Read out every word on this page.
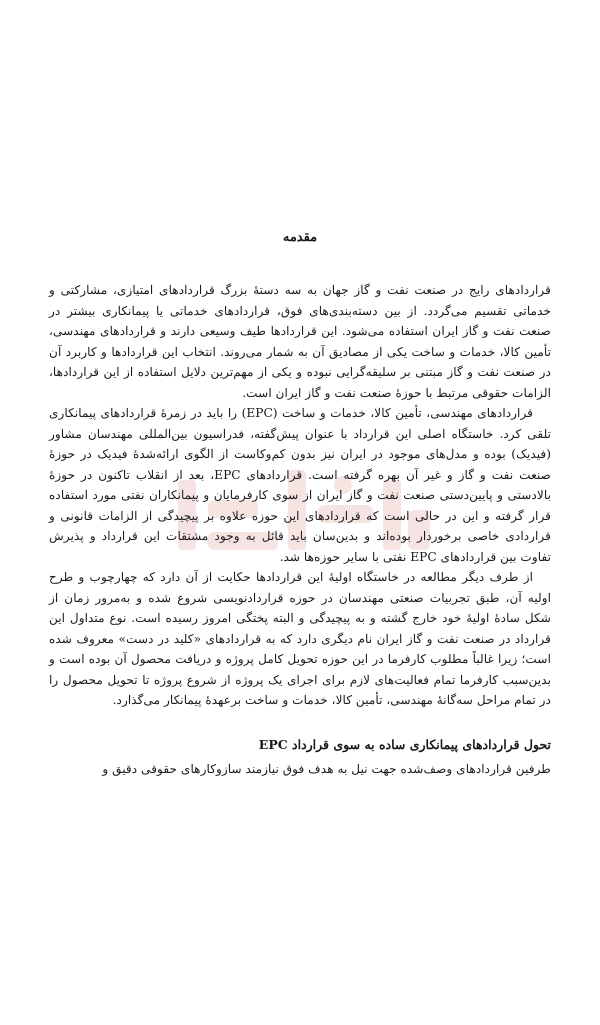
مقدمه

قراردادهای رایج در صنعت نفت و گاز جهان به سه دستهٔ بزرگ قراردادهای امتیازی، مشارکتی و خدماتی تقسیم می‌گردد. از بین دسته‌بندی‌های فوق، قراردادهای خدماتی یا پیمانکاری بیشتر در صنعت نفت و گاز ایران استفاده می‌شود. این قراردادها طیف وسیعی دارند و قراردادهای مهندسی، تأمین کالا، خدمات و ساخت یکی از مصادیق آن به شمار می‌روند. انتخاب این قراردادها و کاربرد آن در صنعت نفت و گاز مبتنی بر سلیقه‌گرایی نبوده و یکی از مهم‌ترین دلایل استفاده از این قراردادها، الزامات حقوقی مرتبط با حوزهٔ صنعت نفت و گاز ایران است.

قراردادهای مهندسی، تأمین کالا، خدمات و ساخت (EPC) را باید در زمرهٔ قراردادهای پیمانکاری تلقی کرد. خاستگاه اصلی این قرارداد با عنوان پیش‌گفته، فدراسیون بین‌المللی مهندسان مشاور (فیدیک) بوده و مدل‌های موجود در ایران نیز بدون کم‌وکاست از الگوی ارائه‌شدهٔ فیدیک در حوزهٔ صنعت نفت و گاز و غیر آن بهره گرفته است. قراردادهای EPC، بعد از انقلاب تاکنون در حوزهٔ بالادستی و پایین‌دستی صنعت نفت و گاز ایران از سوی کارفرمایان و پیمانکاران نفتی مورد استفاده قرار گرفته و این در حالی است که قراردادهای این حوزه علاوه بر پیچیدگی از الزامات قانونی و قراردادی خاصی برخوردار بوده‌اند و بدین‌سان باید قائل به وجود مشتقات این قرارداد و پذیرش تفاوت بین قراردادهای EPC نفتی با سایر حوزه‌ها شد.

از طرف دیگر مطالعه در خاستگاه اولیهٔ این قراردادها حکایت از آن دارد که چهارچوب و طرح اولیه آن، طبق تجربیات صنعتی مهندسان در حوزه قراردادنویسی شروع شده و به‌مرور زمان از شکل سادهٔ اولیهٔ خود خارج گشته و به پیچیدگی و البته پختگی امروز رسیده است. نوع متداول این قرارداد در صنعت نفت و گاز ایران نام دیگری دارد که به قراردادهای «کلید در دست» معروف شده است؛ زیرا غالباً مطلوب کارفرما در این حوزه تحویل کامل پروژه و دریافت محصول آن بوده است و بدین‌سبب کارفرما تمام فعالیت‌های لازم برای اجرای یک پروژه از شروع پروژه تا تحویل محصول را در تمام مراحل سه‌گانهٔ مهندسی، تأمین کالا، خدمات و ساخت برعهدهٔ پیمانکار می‌گذارد.

تحول قراردادهای پیمانکاری ساده به سوی قرارداد EPC

طرفین قراردادهای وصف‌شده جهت نیل به هدف فوق نیازمند سازوکارهای حقوقی دقیق و
